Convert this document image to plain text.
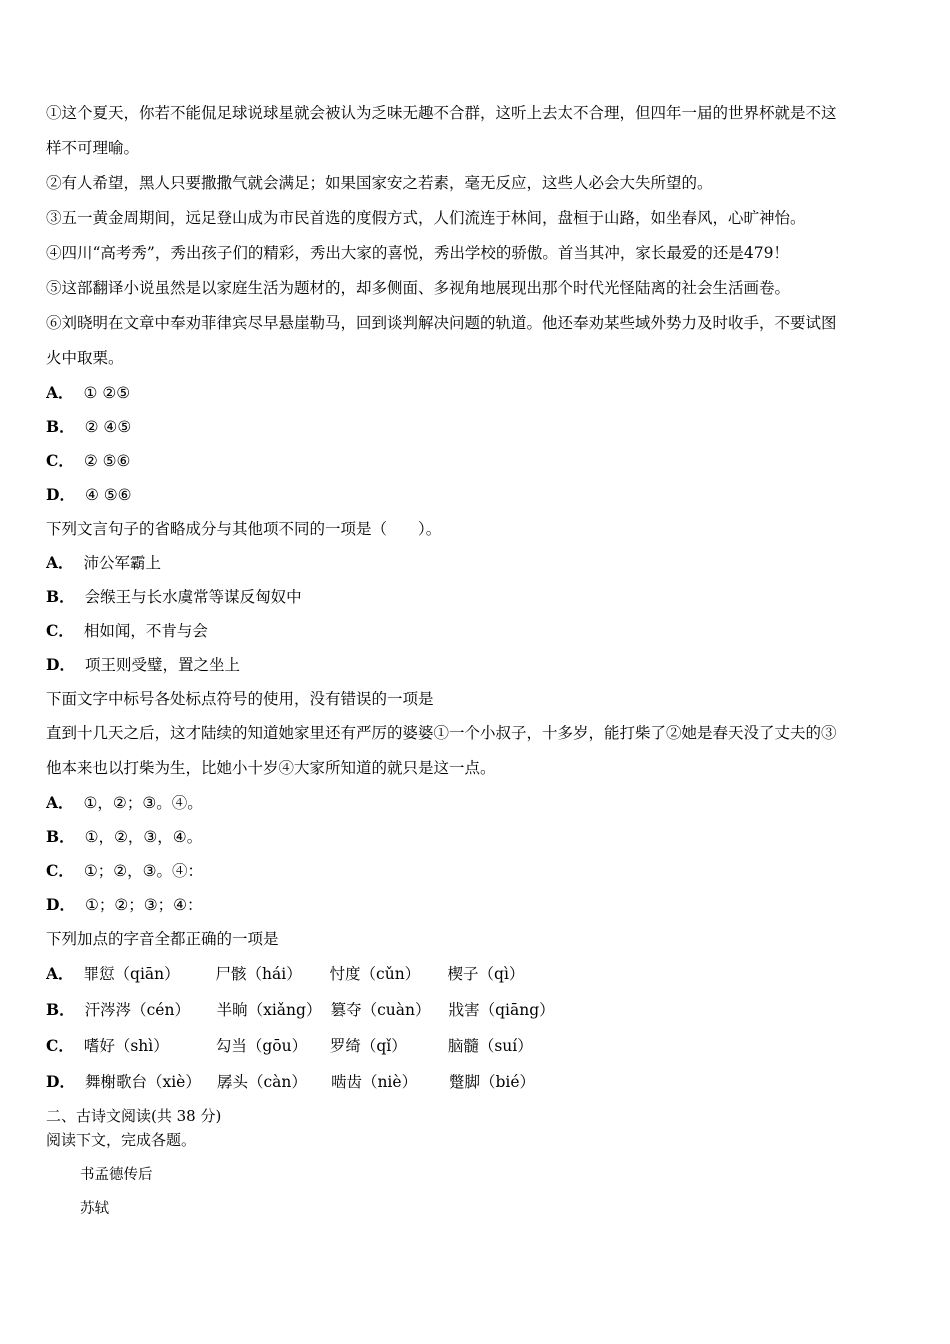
①这个夏天，你若不能侃足球说球星就会被认为乏味无趣不合群，这听上去太不合理，但四年一届的世界杯就是不这
样不可理喻。
②有人希望，黑人只要撒撒气就会满足；如果国家安之若素，毫无反应，这些人必会大失所望的。
③五一黄金周期间，远足登山成为市民首选的度假方式，人们流连于林间，盘桓于山路，如坐春风，心旷神怡。
④四川“高考秀”，秀出孩子们的精彩，秀出大家的喜悦，秀出学校的骄傲。首当其冲，家长最爱的还是479！
⑤这部翻译小说虽然是以家庭生活为题材的，却多侧面、多视角地展现出那个时代光怪陆离的社会生活画卷。
⑥刘晓明在文章中奉劝菲律宾尽早悬崖勒马，回到谈判解决问题的轨道。他还奉劝某些域外势力及时收手，不要试图
火中取栗。
A． ① ②⑤
B． ② ④⑤
C． ② ⑤⑥
D． ④ ⑤⑥
下列文言句子的省略成分与其他项不同的一项是（　　）。
A． 沛公军霸上
B． 会缑王与长水虞常等谋反匈奴中
C． 相如闻，不肯与会
D． 项王则受璧，置之坐上
下面文字中标号各处标点符号的使用，没有错误的一项是
直到十几天之后，这才陆续的知道她家里还有严厉的婆婆①一个小叔子，十多岁，能打柴了②她是春天没了丈夫的③
他本来也以打柴为生，比她小十岁④大家所知道的就只是这一点。
A． ①，②；③。④。
B． ①，②，③，④。
C． ①；②，③。④：
D． ①；②；③；④：
下列加点的字音全都正确的一项是
A． 罪愆（qiān） 尸骸（hái） 忖度（cǔn） 楔子（qì）
B． 汗涔涔（cén） 半晌（xiǎng） 篡夺（cuàn） 戕害（qiāng）
C． 嗜好（shì）	勾当（gōu） 罗绮（qǐ）	脑髓（suí）
D． 舞榭歌台（xiè） 孱头（càn） 啮齿（niè） 蹩脚（bié）
二、古诗文阅读(共 38 分)
阅读下文，完成各题。
书孟德传后
苏轼
